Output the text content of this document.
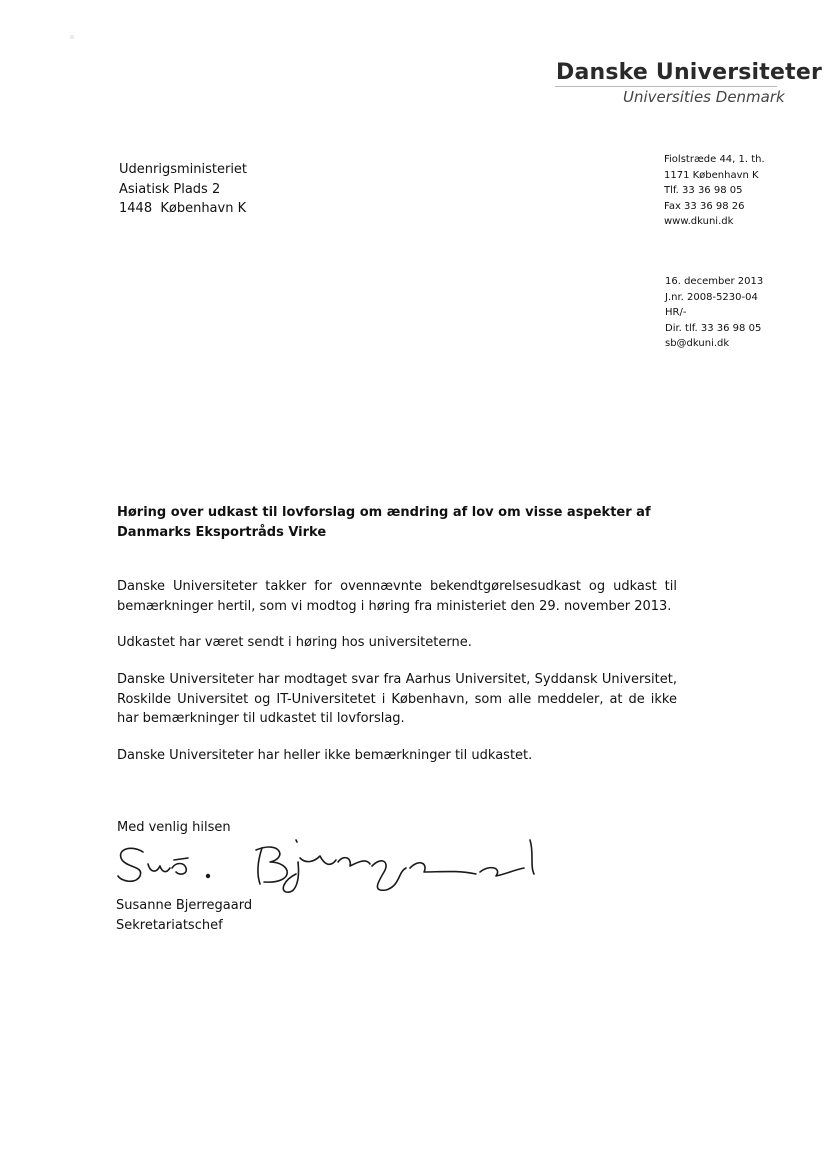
Danske Universiteter
Universities Denmark
Udenrigsministeriet
Asiatisk Plads 2
1448  København K
Fiolstræde 44, 1. th.
1171 København K
Tlf. 33 36 98 05
Fax 33 36 98 26
www.dkuni.dk
16. december 2013
J.nr. 2008-5230-04
HR/-
Dir. tlf. 33 36 98 05
sb@dkuni.dk
Høring over udkast til lovforslag om ændring af lov om visse aspekter af Danmarks Eksportråds Virke
Danske Universiteter takker for ovennævnte bekendtgørelsesudkast og udkast til bemærkninger hertil, som vi modtog i høring fra ministeriet den 29. november 2013.
Udkastet har været sendt i høring hos universiteterne.
Danske Universiteter har modtaget svar fra Aarhus Universitet, Syddansk Universitet, Roskilde Universitet og IT-Universitetet i København, som alle meddeler, at de ikke har bemærkninger til udkastet til lovforslag.
Danske Universiteter har heller ikke bemærkninger til udkastet.
Med venlig hilsen
Susanne Bjerregaard
Sekretariatschef
